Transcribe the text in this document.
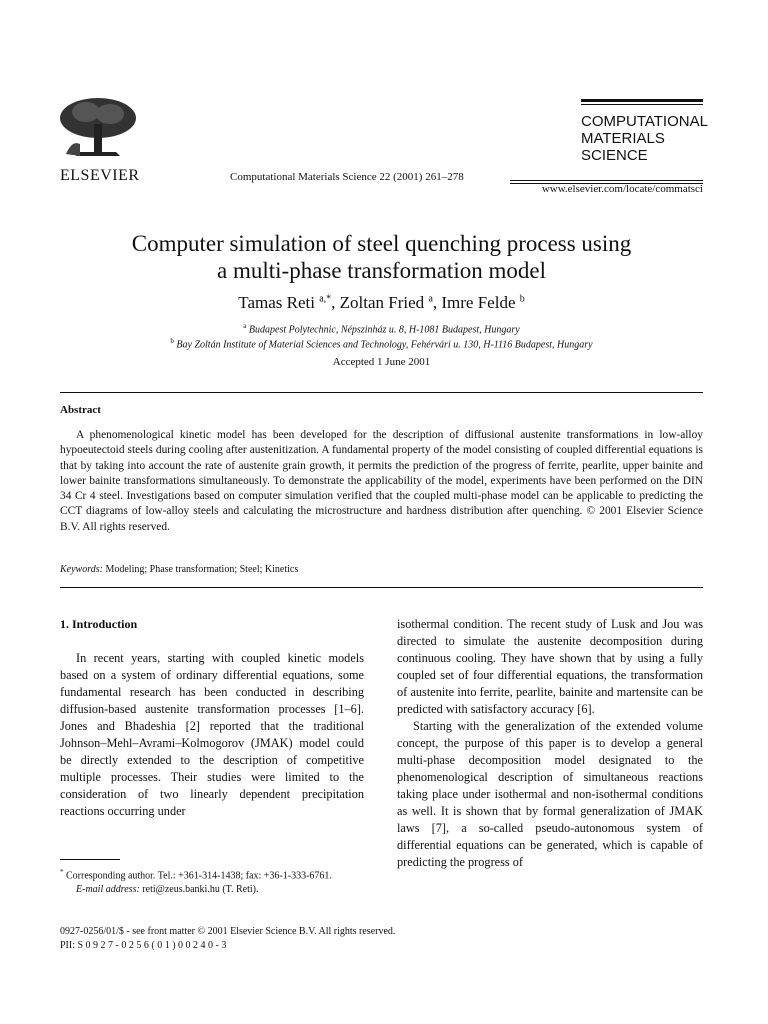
ELSEVIER	Computational Materials Science 22 (2001) 261–278
COMPUTATIONAL
MATERIALS
SCIENCE
www.elsevier.com/locate/commatsci
Computer simulation of steel quenching process using
a multi-phase transformation model
Tamas Reti $^{a,*}$, Zoltan Fried $^a$, Imre Felde $^b$
$^a$ Budapest Polytechnic, Népszinház u. 8, H-1081 Budapest, Hungary
$^b$ Bay Zoltán Institute of Material Sciences and Technology, Fehérvári u. 130, H-1116 Budapest, Hungary
Accepted 1 June 2001
Abstract
A phenomenological kinetic model has been developed for the description of diffusional austenite transformations in low-alloy hypoeutectoid steels during cooling after austenitization. A fundamental property of the model consisting of coupled differential equations is that by taking into account the rate of austenite grain growth, it permits the prediction of the progress of ferrite, pearlite, upper bainite and lower bainite transformations simultaneously. To demonstrate the applicability of the model, experiments have been performed on the DIN 34 Cr 4 steel. Investigations based on computer simulation verified that the coupled multi-phase model can be applicable to predicting the CCT diagrams of low-alloy steels and calculating the microstructure and hardness distribution after quenching. © 2001 Elsevier Science B.V. All rights reserved.
Keywords: Modeling; Phase transformation; Steel; Kinetics
1. Introduction

In recent years, starting with coupled kinetic models based on a system of ordinary differential equations, some fundamental research has been conducted in describing diffusion-based austenite transformation processes [1–6]. Jones and Bhadeshia [2] reported that the traditional Johnson–Mehl–Avrami–Kolmogorov (JMAK) model could be directly extended to the description of competitive multiple processes. Their studies were limited to the consideration of two linearly dependent precipitation reactions occurring under

isothermal condition. The recent study of Lusk and Jou was directed to simulate the austenite decomposition during continuous cooling. They have shown that by using a fully coupled set of four differential equations, the transformation of austenite into ferrite, pearlite, bainite and martensite can be predicted with satisfactory accuracy [6].

Starting with the generalization of the extended volume concept, the purpose of this paper is to develop a general multi-phase decomposition model designated to the phenomenological description of simultaneous reactions taking place under isothermal and non-isothermal conditions as well. It is shown that by formal generalization of JMAK laws [7], a so-called pseudo-autonomous system of differential equations can be generated, which is capable of predicting the progress of

* Corresponding author. Tel.: +361-314-1438; fax: +36-1-333-6761.
E-mail address: reti@zeus.banki.hu (T. Reti).
0927-0256/01/$ - see front matter © 2001 Elsevier Science B.V. All rights reserved.
PII: S 0 9 2 7 - 0 2 5 6 ( 0 1 ) 0 0 2 4 0 - 3
